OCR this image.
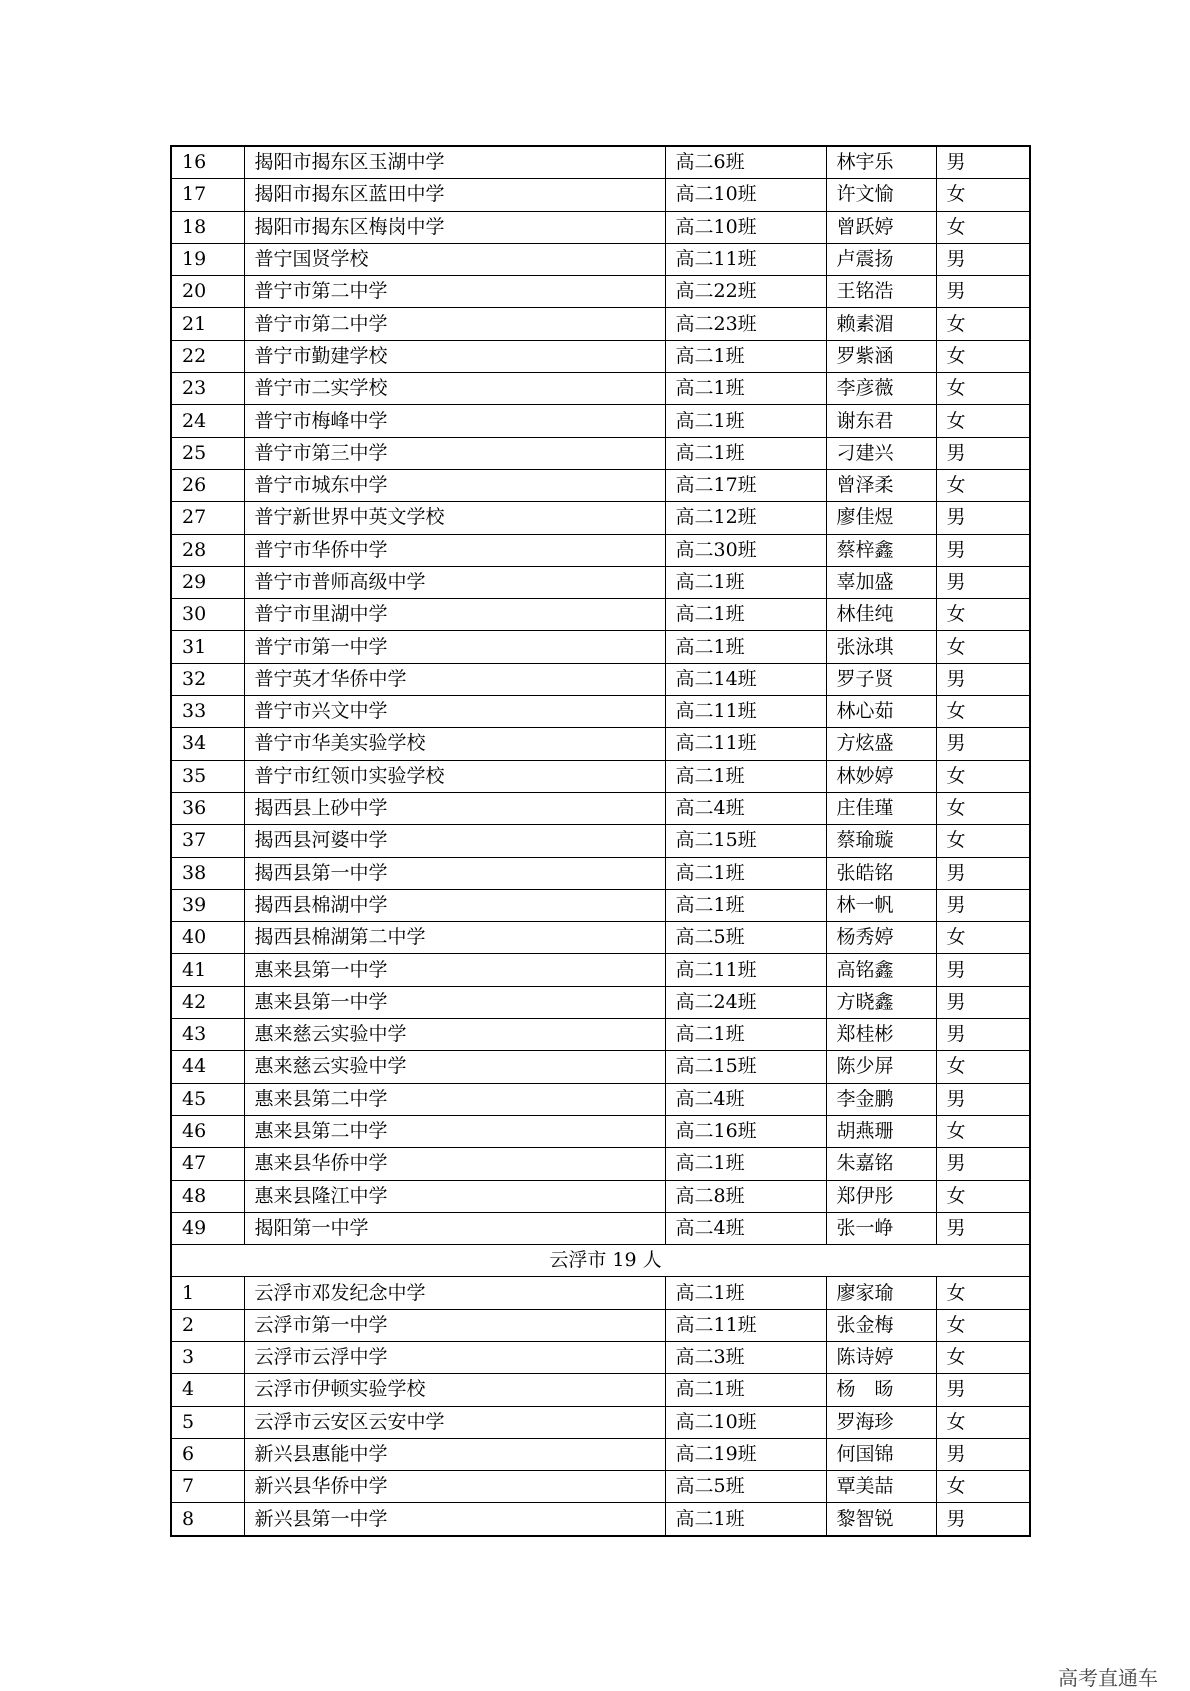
16	揭阳市揭东区玉湖中学	高二6班	林宇乐	男
17	揭阳市揭东区蓝田中学	高二10班	许文愉	女
18	揭阳市揭东区梅岗中学	高二10班	曾跃婷	女
19	普宁国贤学校	高二11班	卢震扬	男
20	普宁市第二中学	高二22班	王铭浩	男
21	普宁市第二中学	高二23班	赖素湄	女
22	普宁市勤建学校	高二1班	罗紫涵	女
23	普宁市二实学校	高二1班	李彦薇	女
24	普宁市梅峰中学	高二1班	谢东君	女
25	普宁市第三中学	高二1班	刁建兴	男
26	普宁市城东中学	高二17班	曾泽柔	女
27	普宁新世界中英文学校	高二12班	廖佳煜	男
28	普宁市华侨中学	高二30班	蔡梓鑫	男
29	普宁市普师高级中学	高二1班	辜加盛	男
30	普宁市里湖中学	高二1班	林佳纯	女
31	普宁市第一中学	高二1班	张泳琪	女
32	普宁英才华侨中学	高二14班	罗子贤	男
33	普宁市兴文中学	高二11班	林心茹	女
34	普宁市华美实验学校	高二11班	方炫盛	男
35	普宁市红领巾实验学校	高二1班	林妙婷	女
36	揭西县上砂中学	高二4班	庄佳瑾	女
37	揭西县河婆中学	高二15班	蔡瑜璇	女
38	揭西县第一中学	高二1班	张皓铭	男
39	揭西县棉湖中学	高二1班	林一帆	男
40	揭西县棉湖第二中学	高二5班	杨秀婷	女
41	惠来县第一中学	高二11班	高铭鑫	男
42	惠来县第一中学	高二24班	方晓鑫	男
43	惠来慈云实验中学	高二1班	郑桂彬	男
44	惠来慈云实验中学	高二15班	陈少屏	女
45	惠来县第二中学	高二4班	李金鹏	男
46	惠来县第二中学	高二16班	胡燕珊	女
47	惠来县华侨中学	高二1班	朱嘉铭	男
48	惠来县隆江中学	高二8班	郑伊彤	女
49	揭阳第一中学	高二4班	张一峥	男
云浮市 19 人				
1	云浮市邓发纪念中学	高二1班	廖家瑜	女
2	云浮市第一中学	高二11班	张金梅	女
3	云浮市云浮中学	高二3班	陈诗婷	女
4	云浮市伊顿实验学校	高二1班	杨　旸	男
5	云浮市云安区云安中学	高二10班	罗海珍	女
6	新兴县惠能中学	高二19班	何国锦	男
7	新兴县华侨中学	高二5班	覃美喆	女
8	新兴县第一中学	高二1班	黎智锐	男
高考直通车
